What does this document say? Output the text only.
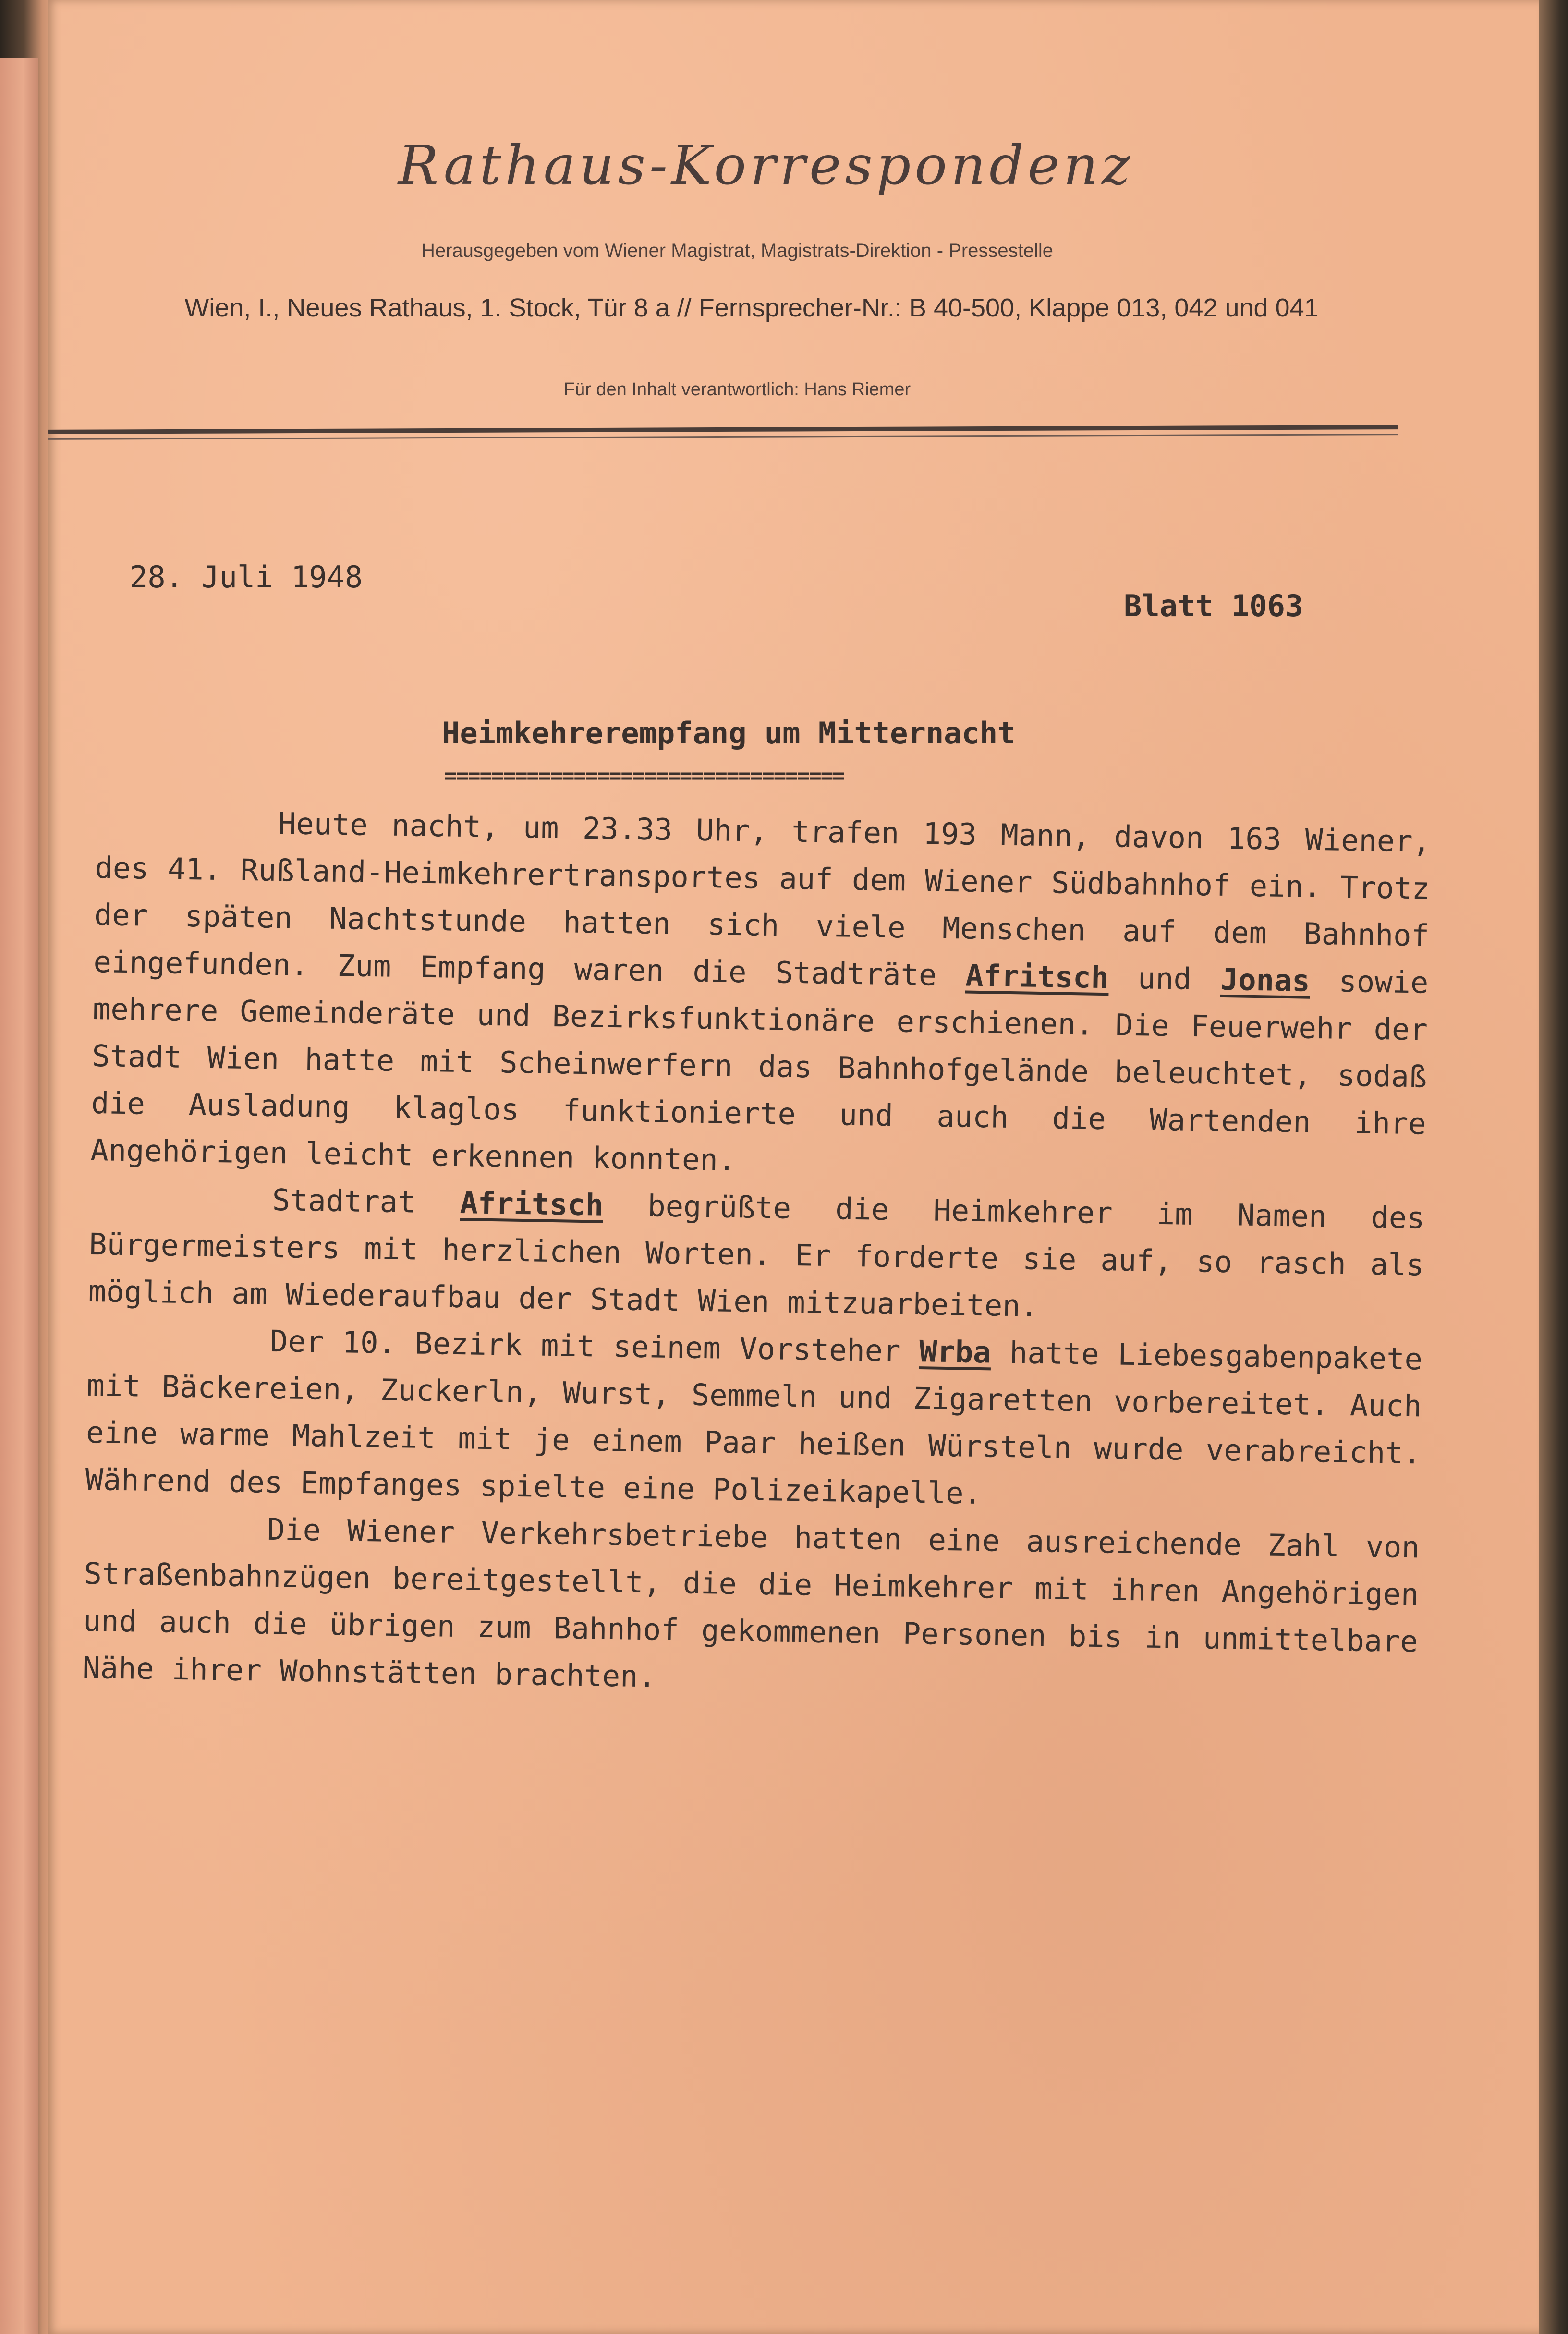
Rathaus-Korrespondenz
Herausgegeben vom Wiener Magistrat, Magistrats-Direktion - Pressestelle
Wien, I., Neues Rathaus, 1. Stock, Tür 8 a // Fernsprecher-Nr.: B 40-500, Klappe 013, 042 und 041
Für den Inhalt verantwortlich: Hans Riemer
28. Juli 1948
Blatt 1063
Heimkehrerempfang um Mitternacht
==================================

Heute nacht, um 23.33 Uhr, trafen 193 Mann, davon 163 Wiener, des 41. Rußland-Heimkehrertransportes auf dem Wiener Südbahnhof ein. Trotz der späten Nachtstunde hatten sich viele Menschen auf dem Bahnhof eingefunden. Zum Empfang waren die Stadträte Afritsch und Jonas sowie mehrere Gemeinderäte und Bezirksfunktionäre erschienen. Die Feuerwehr der Stadt Wien hatte mit Scheinwerfern das Bahnhofgelände beleuchtet, sodaß die Ausladung klaglos funktionierte und auch die Wartenden ihre Angehörigen leicht erkennen konnten.

Stadtrat Afritsch begrüßte die Heimkehrer im Namen des Bürgermeisters mit herzlichen Worten. Er forderte sie auf, so rasch als möglich am Wiederaufbau der Stadt Wien mitzuarbeiten.

Der 10. Bezirk mit seinem Vorsteher Wrba hatte Liebesgabenpakete mit Bäckereien, Zuckerln, Wurst, Semmeln und Zigaretten vorbereitet. Auch eine warme Mahlzeit mit je einem Paar heißen Würsteln wurde verabreicht. Während des Empfanges spielte eine Polizeikapelle.

Die Wiener Verkehrsbetriebe hatten eine ausreichende Zahl von Straßenbahnzügen bereitgestellt, die die Heimkehrer mit ihren Angehörigen und auch die übrigen zum Bahnhof gekommenen Personen bis in unmittelbare Nähe ihrer Wohnstätten brachten.
